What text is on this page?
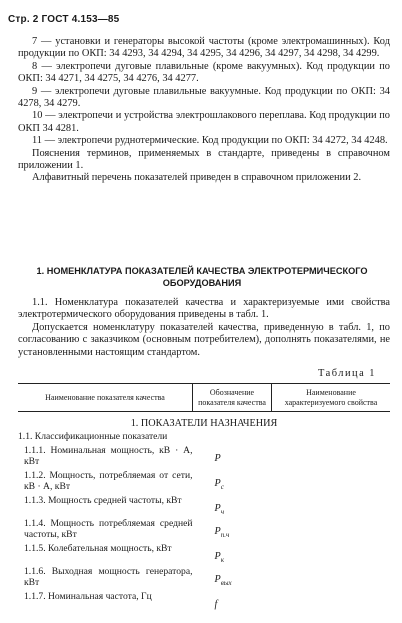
Стр. 2 ГОСТ 4.153—85

7 — установки и генераторы высокой частоты (кроме электромашинных). Код продукции по ОКП: 34 4293, 34 4294, 34 4295, 34 4296, 34 4297, 34 4298, 34 4299.

8 — электропечи дуговые плавильные (кроме вакуумных). Код продукции по ОКП: 34 4271, 34 4275, 34 4276, 34 4277.

9 — электропечи дуговые плавильные вакуумные. Код продукции по ОКП: 34 4278, 34 4279.

10 — электропечи и устройства электрошлакового переплава. Код продукции по ОКП 34 4281.

11 — электропечи руднотермические. Код продукции по ОКП: 34 4272, 34 4248.

Пояснения терминов, применяемых в стандарте, приведены в справочном приложении 1.

Алфавитный перечень показателей приведен в справочном приложении 2.

1. НОМЕНКЛАТУРА ПОКАЗАТЕЛЕЙ КАЧЕСТВА ЭЛЕКТРОТЕРМИЧЕСКОГО ОБОРУДОВАНИЯ

1.1. Номенклатура показателей качества и характеризуемые ими свойства электротермического оборудования приведены в табл. 1.

Допускается номенклатуру показателей качества, приведенную в табл. 1, по согласованию с заказчиком (основным потребителем), дополнять показателями, не установленными настоящим стандартом.

Таблица 1
Наименование показателя качества	Обозначение показателя качества	Наименование характеризуемого свойства
1. ПОКАЗАТЕЛИ НАЗНАЧЕНИЯ		
1.1. Классификационные показатели		
1.1.1. Номинальная мощность, кВ · А, кВт	P	
1.1.2. Мощность, потребляемая от сети, кВ · А, кВт	$P_c$	
1.1.3. Мощность средней частоты, кВт	$P_ч$	
1.1.4. Мощность потребляемая средней частоты, кВт	$P_{п.ч}$	
1.1.5. Колебательная мощность, кВт	$P_к$	
1.1.6. Выходная мощность генератора, кВт	$P_{вых}$	
1.1.7. Номинальная частота, Гц	f	
